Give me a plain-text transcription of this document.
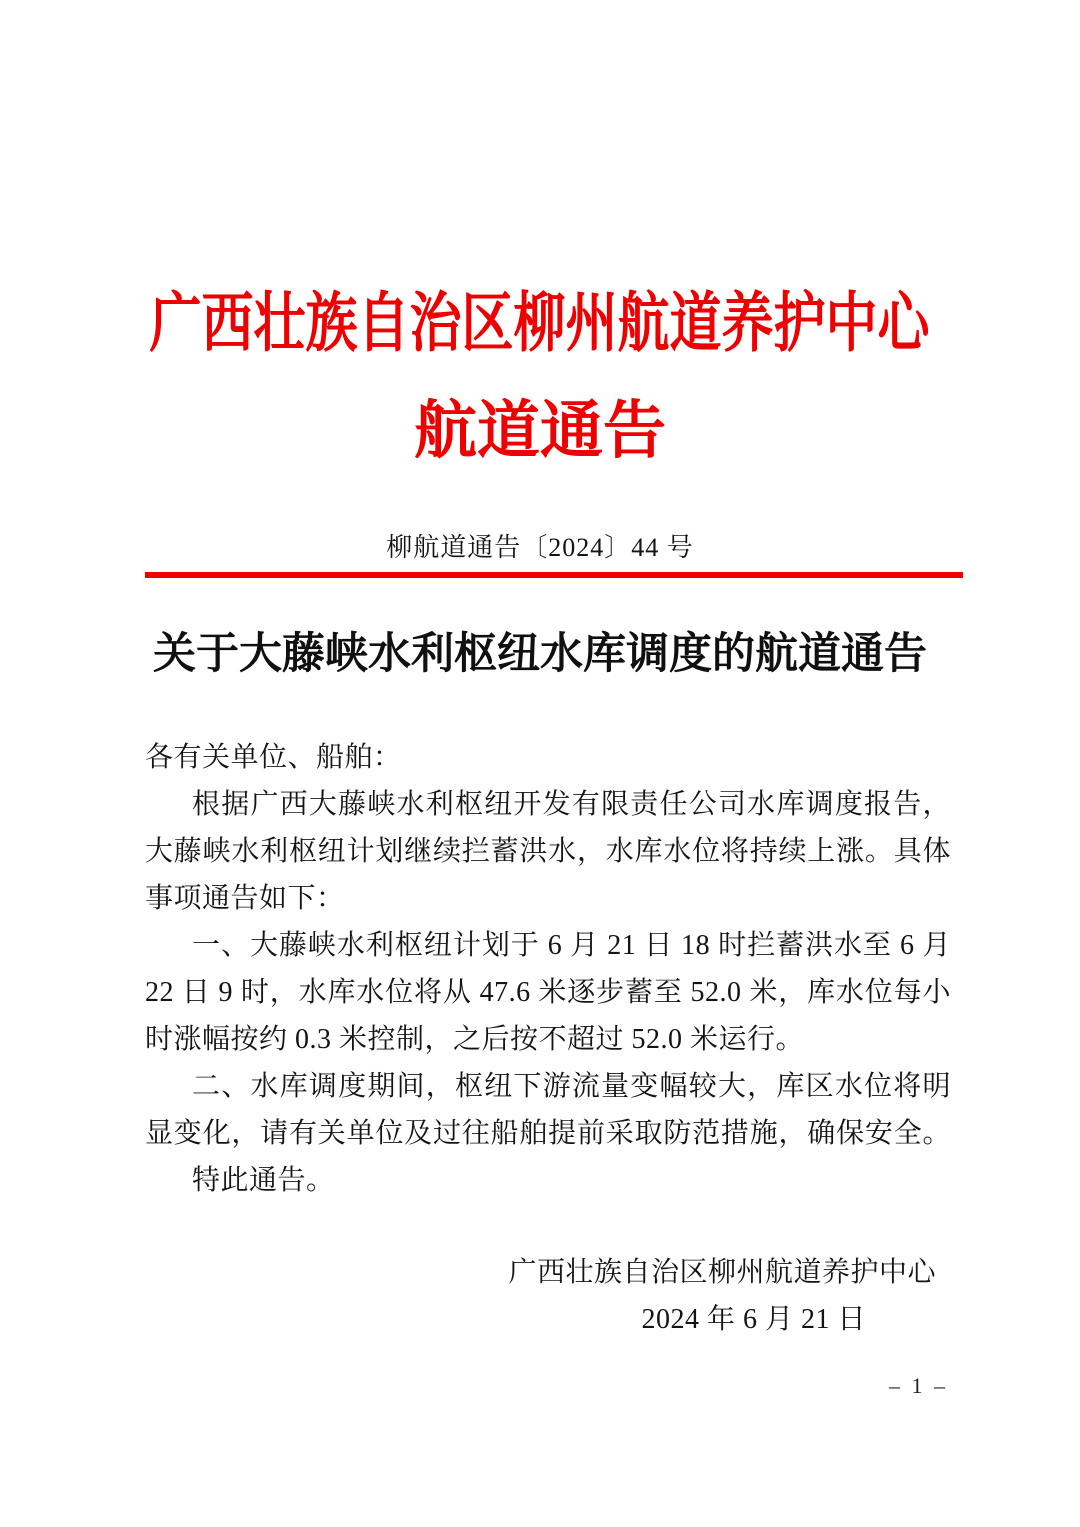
广西壮族自治区柳州航道养护中心
航道通告
柳航道通告〔2024〕44 号
关于大藤峡水利枢纽水库调度的航道通告
各有关单位、船舶：
根据广西大藤峡水利枢纽开发有限责任公司水库调度报告，
大藤峡水利枢纽计划继续拦蓄洪水，水库水位将持续上涨。具体
事项通告如下：
一、大藤峡水利枢纽计划于 6 月 21 日 18 时拦蓄洪水至 6 月
22 日 9 时，水库水位将从 47.6 米逐步蓄至 52.0 米，库水位每小
时涨幅按约 0.3 米控制，之后按不超过 52.0 米运行。
二、水库调度期间，枢纽下游流量变幅较大，库区水位将明
显变化，请有关单位及过往船舶提前采取防范措施，确保安全。
特此通告。
广西壮族自治区柳州航道养护中心
2024 年 6 月 21 日
– 1 –
